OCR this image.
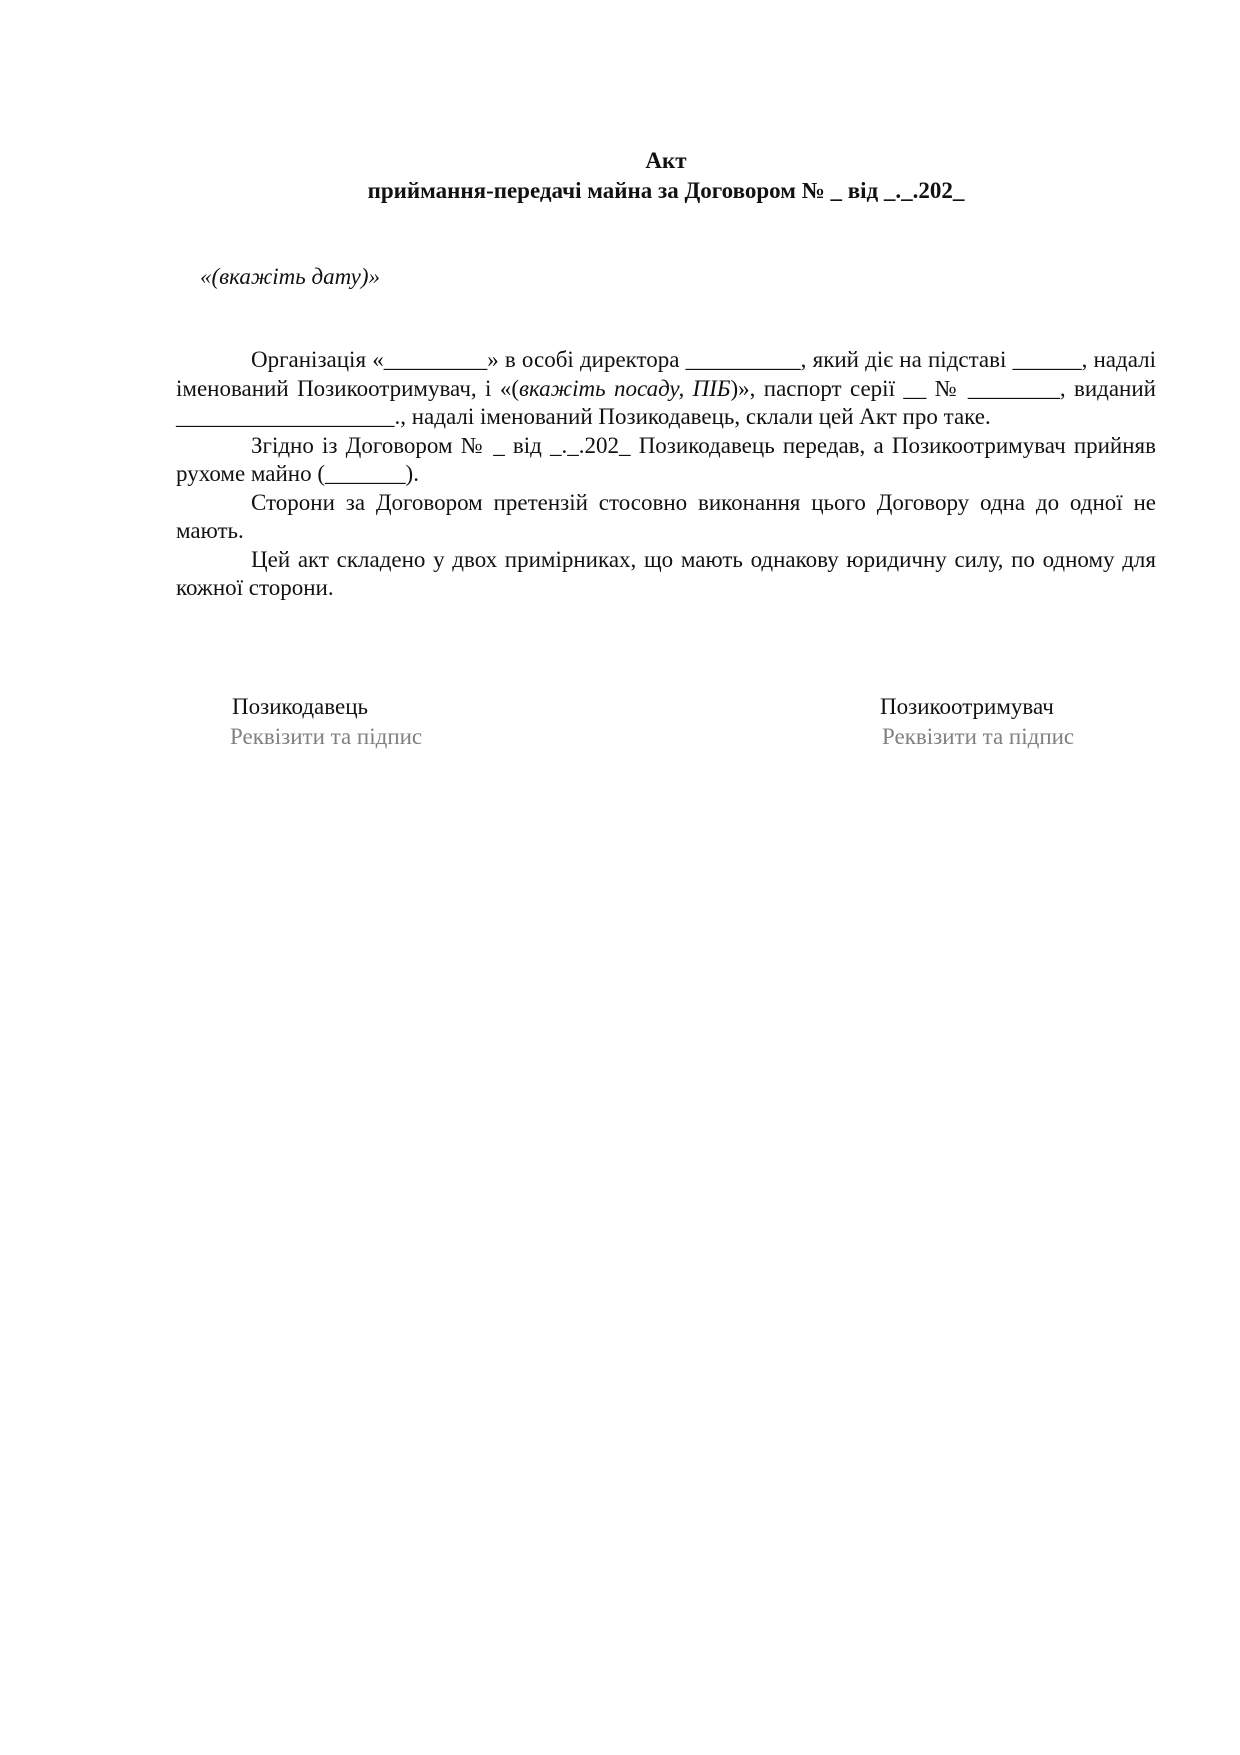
Акт
приймання-передачі майна за Договором № _ від _._.202_
«(вкажіть дату)»

Організація «_________» в особі директора __________, який діє на підставі ______, надалі іменований Позикоотримувач, і «(вкажіть посаду, ПІБ)», паспорт серії __ № ________, виданий ___________________., надалі іменований Позикодавець, склали цей Акт про таке.

Згідно із Договором № _ від _._.202_ Позикодавець передав, а Позикоотримувач прийняв рухоме майно (_______).

Сторони за Договором претензій стосовно виконання цього Договору одна до одної не мають.

Цей акт складено у двох примірниках, що мають однакову юридичну силу, по одному для кожної сторони.

Позикодавець
Реквізити та підпис
Позикоотримувач
Реквізити та підпис
